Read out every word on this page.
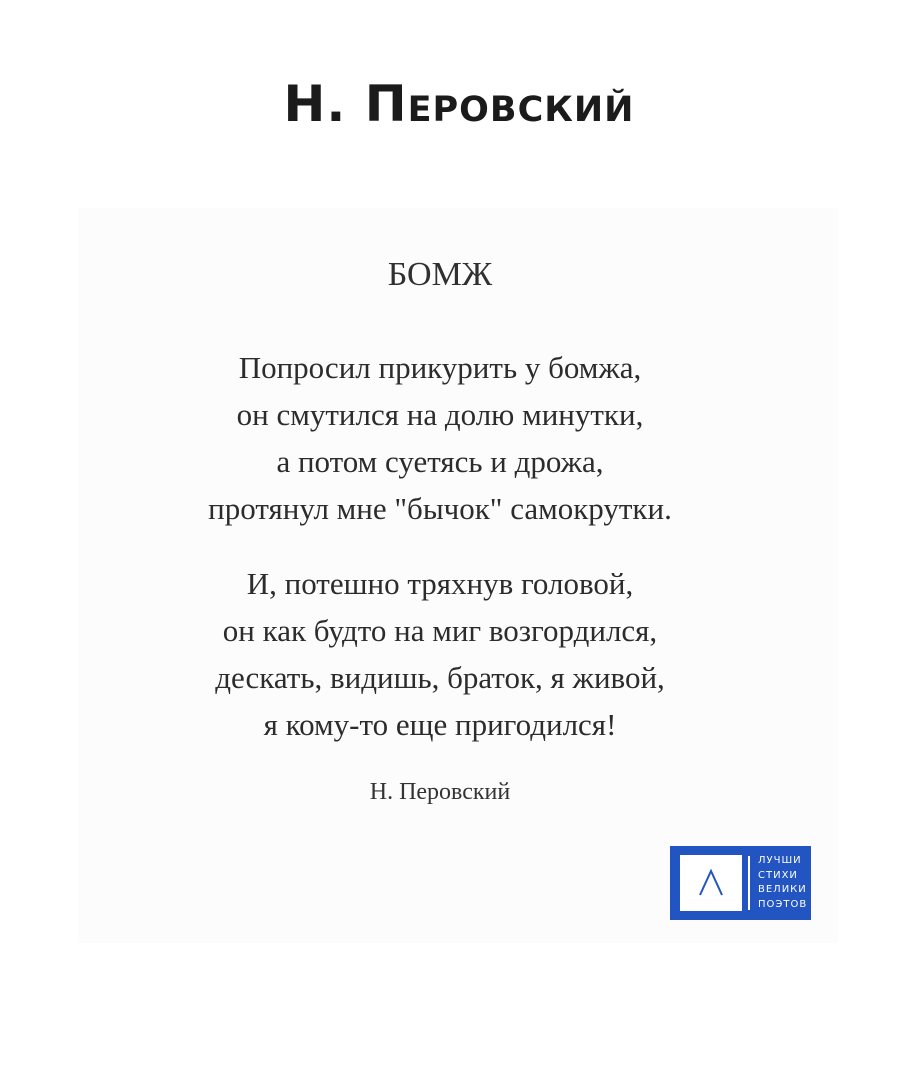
Н. Перовский
БОМЖ
Попросил прикурить у бомжа,
он смутился на долю минутки,
а потом суетясь и дрожа,
протянул мне "бычок" самокрутки.
И, потешно тряхнув головой,
он как будто на миг возгордился,
дескать, видишь, браток, я живой,
я кому-то еще пригодился!
Н. Перовский
ЛУЧШИ
СТИХИ
ВЕЛИКИ
ПОЭТОВ
